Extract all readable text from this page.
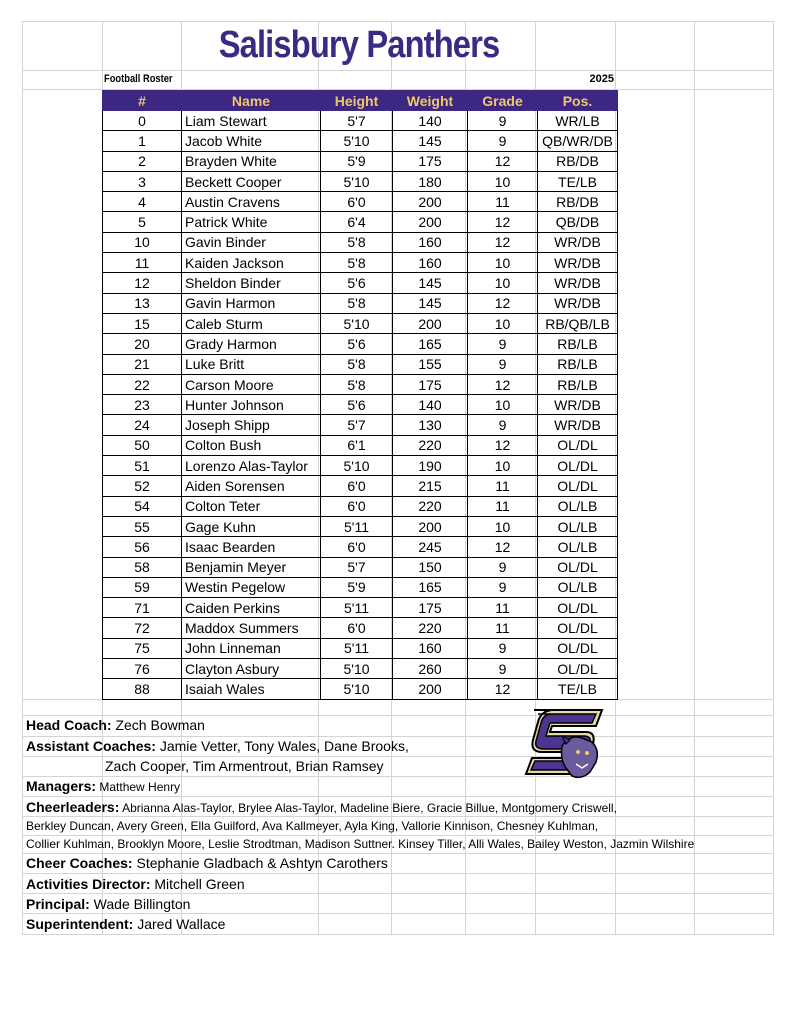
Salisbury Panthers
Football Roster	2025
#	Name	Height	Weight	Grade	Pos.
0	Liam Stewart	5'7	140	9	WR/LB
1	Jacob White	5'10	145	9	QB/WR/DB
2	Brayden White	5'9	175	12	RB/DB
3	Beckett Cooper	5'10	180	10	TE/LB
4	Austin Cravens	6'0	200	11	RB/DB
5	Patrick White	6'4	200	12	QB/DB
10	Gavin Binder	5'8	160	12	WR/DB
11	Kaiden Jackson	5'8	160	10	WR/DB
12	Sheldon Binder	5'6	145	10	WR/DB
13	Gavin Harmon	5'8	145	12	WR/DB
15	Caleb Sturm	5'10	200	10	RB/QB/LB
20	Grady Harmon	5'6	165	9	RB/LB
21	Luke Britt	5'8	155	9	RB/LB
22	Carson Moore	5'8	175	12	RB/LB
23	Hunter Johnson	5'6	140	10	WR/DB
24	Joseph Shipp	5'7	130	9	WR/DB
50	Colton Bush	6'1	220	12	OL/DL
51	Lorenzo Alas-Taylor	5'10	190	10	OL/DL
52	Aiden Sorensen	6'0	215	11	OL/DL
54	Colton Teter	6'0	220	11	OL/LB
55	Gage Kuhn	5'11	200	10	OL/LB
56	Isaac Bearden	6'0	245	12	OL/LB
58	Benjamin Meyer	5'7	150	9	OL/DL
59	Westin Pegelow	5'9	165	9	OL/LB
71	Caiden Perkins	5'11	175	11	OL/DL
72	Maddox Summers	6'0	220	11	OL/DL
75	John Linneman	5'11	160	9	OL/DL
76	Clayton Asbury	5'10	260	9	OL/DL
88	Isaiah Wales	5'10	200	12	TE/LB
Head Coach: Zech Bowman
Assistant Coaches: Jamie Vetter, Tony Wales, Dane Brooks,
Zach Cooper, Tim Armentrout, Brian Ramsey
Managers: Matthew Henry
Cheerleaders: Abrianna Alas-Taylor, Brylee Alas-Taylor, Madeline Biere, Gracie Billue, Montgomery Criswell,
Berkley Duncan, Avery Green, Ella Guilford, Ava Kallmeyer, Ayla King, Vallorie Kinnison, Chesney Kuhlman,
Collier Kuhlman, Brooklyn Moore, Leslie Strodtman, Madison Suttner. Kinsey Tiller, Alli Wales, Bailey Weston, Jazmin Wilshire
Cheer Coaches: Stephanie Gladbach & Ashtyn Carothers
Activities Director: Mitchell Green
Principal: Wade Billington
Superintendent: Jared Wallace
